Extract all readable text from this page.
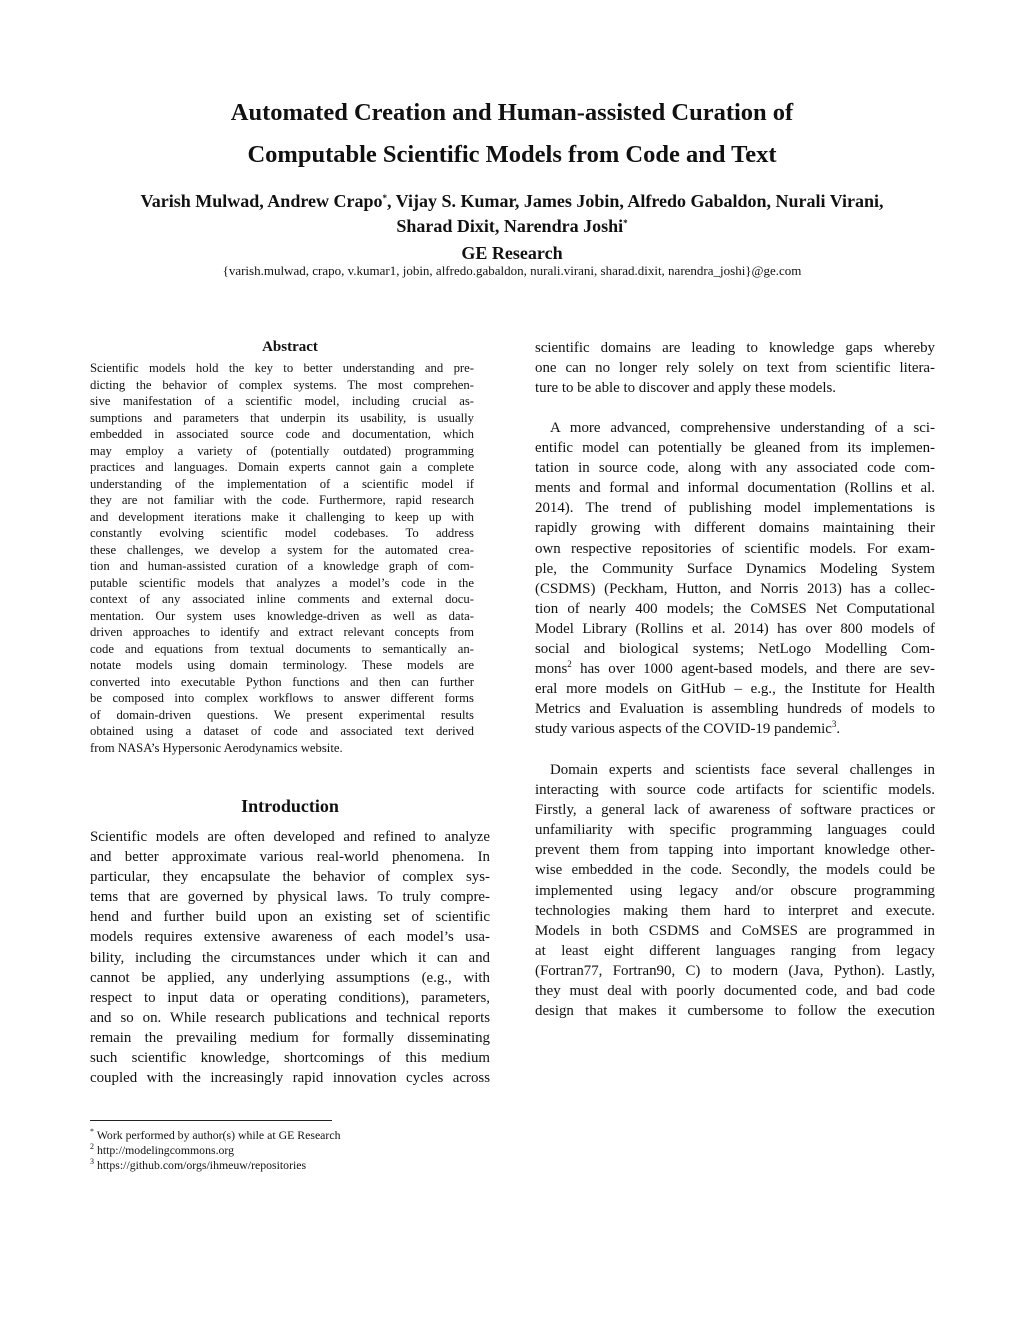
Automated Creation and Human-assisted Curation of
Computable Scientific Models from Code and Text
Varish Mulwad, Andrew Crapo*, Vijay S. Kumar, James Jobin, Alfredo Gabaldon, Nurali Virani,
Sharad Dixit, Narendra Joshi*
GE Research
{varish.mulwad, crapo, v.kumar1, jobin, alfredo.gabaldon, nurali.virani, sharad.dixit, narendra_joshi}@ge.com
Abstract
Scientific models hold the key to better understanding and pre-
dicting the behavior of complex systems. The most comprehen-
sive manifestation of a scientific model, including crucial as-
sumptions and parameters that underpin its usability, is usually
embedded in associated source code and documentation, which
may employ a variety of (potentially outdated) programming
practices and languages. Domain experts cannot gain a complete
understanding of the implementation of a scientific model if
they are not familiar with the code. Furthermore, rapid research
and development iterations make it challenging to keep up with
constantly evolving scientific model codebases. To address
these challenges, we develop a system for the automated crea-
tion and human-assisted curation of a knowledge graph of com-
putable scientific models that analyzes a model’s code in the
context of any associated inline comments and external docu-
mentation. Our system uses knowledge-driven as well as data-
driven approaches to identify and extract relevant concepts from
code and equations from textual documents to semantically an-
notate models using domain terminology. These models are
converted into executable Python functions and then can further
be composed into complex workflows to answer different forms
of domain-driven questions. We present experimental results
obtained using a dataset of code and associated text derived
from NASA’s Hypersonic Aerodynamics website.
Introduction
Scientific models are often developed and refined to analyze
and better approximate various real-world phenomena. In
particular, they encapsulate the behavior of complex sys-
tems that are governed by physical laws. To truly compre-
hend and further build upon an existing set of scientific
models requires extensive awareness of each model’s usa-
bility, including the circumstances under which it can and
cannot be applied, any underlying assumptions (e.g., with
respect to input data or operating conditions), parameters,
and so on. While research publications and technical reports
remain the prevailing medium for formally disseminating
such scientific knowledge, shortcomings of this medium
coupled with the increasingly rapid innovation cycles across
scientific domains are leading to knowledge gaps whereby
one can no longer rely solely on text from scientific litera-
ture to be able to discover and apply these models.
A more advanced, comprehensive understanding of a sci-
entific model can potentially be gleaned from its implemen-
tation in source code, along with any associated code com-
ments and formal and informal documentation (Rollins et al.
2014). The trend of publishing model implementations is
rapidly growing with different domains maintaining their
own respective repositories of scientific models. For exam-
ple, the Community Surface Dynamics Modeling System
(CSDMS) (Peckham, Hutton, and Norris 2013) has a collec-
tion of nearly 400 models; the CoMSES Net Computational
Model Library (Rollins et al. 2014) has over 800 models of
social and biological systems; NetLogo Modelling Com-
mons$^2$ has over 1000 agent-based models, and there are sev-
eral more models on GitHub – e.g., the Institute for Health
Metrics and Evaluation is assembling hundreds of models to
study various aspects of the COVID-19 pandemic$^3$.
Domain experts and scientists face several challenges in
interacting with source code artifacts for scientific models.
Firstly, a general lack of awareness of software practices or
unfamiliarity with specific programming languages could
prevent them from tapping into important knowledge other-
wise embedded in the code. Secondly, the models could be
implemented using legacy and/or obscure programming
technologies making them hard to interpret and execute.
Models in both CSDMS and CoMSES are programmed in
at least eight different languages ranging from legacy
(Fortran77, Fortran90, C) to modern (Java, Python). Lastly,
they must deal with poorly documented code, and bad code
design that makes it cumbersome to follow the execution
* Work performed by author(s) while at GE Research
$^2$ http://modelingcommons.org
$^3$ https://github.com/orgs/ihmeuw/repositories
